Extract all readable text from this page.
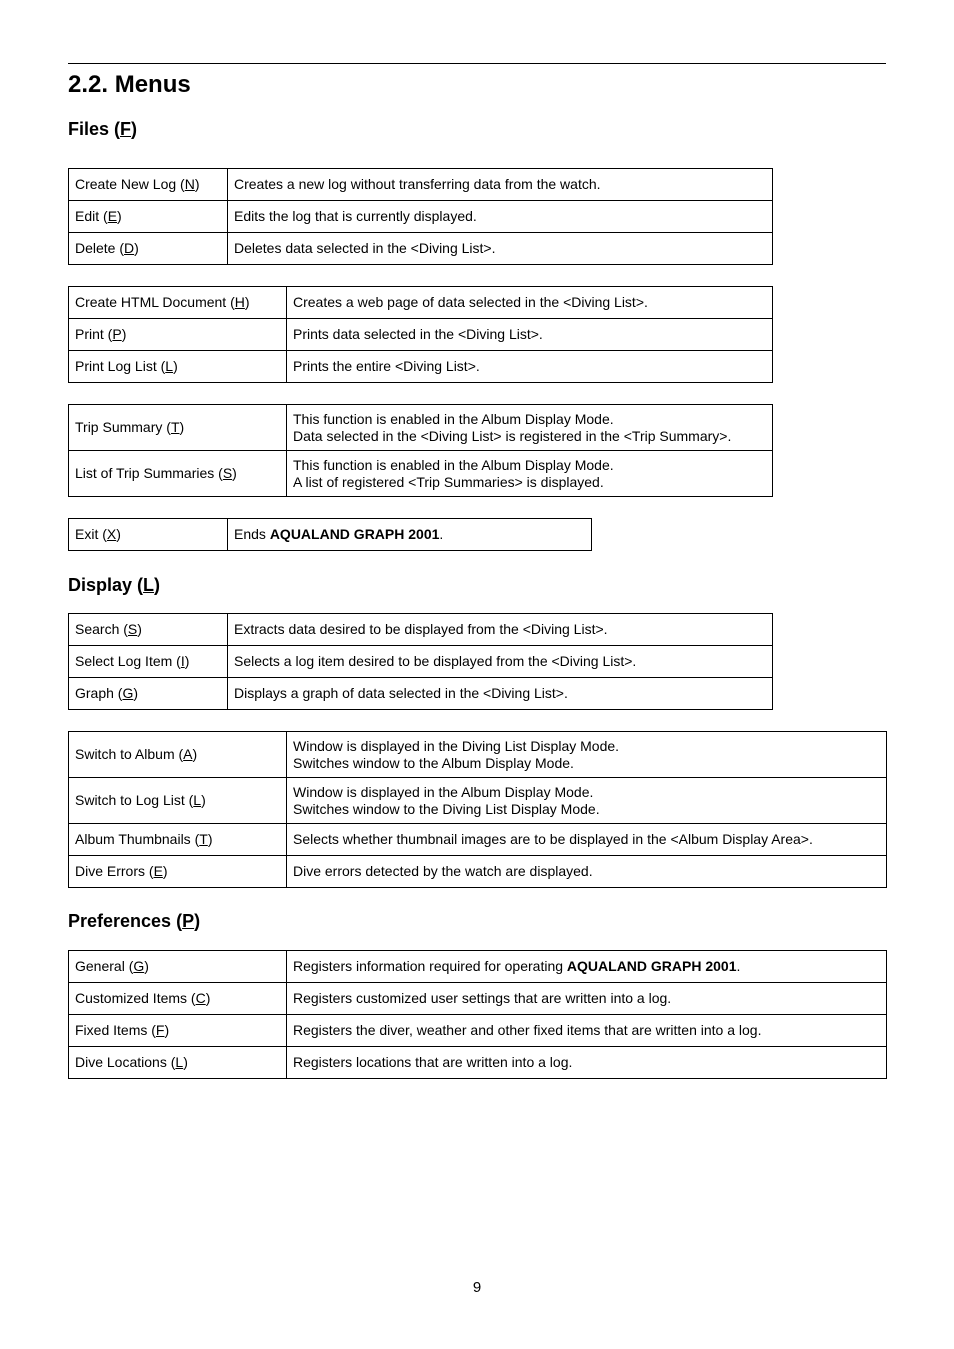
2.2. Menus
Files (F)
Create New Log (N)	Creates a new log without transferring data from the watch.
Edit (E)	Edits the log that is currently displayed.
Delete (D)	Deletes data selected in the <Diving List>.
Create HTML Document (H)	Creates a web page of data selected in the <Diving List>.
Print (P)	Prints data selected in the <Diving List>.
Print Log List (L)	Prints the entire <Diving List>.
Trip Summary (T)	This function is enabled in the Album Display Mode.
Data selected in the <Diving List> is registered in the <Trip Summary>.

List of Trip Summaries (S)	This function is enabled in the Album Display Mode.
A list of registered <Trip Summaries> is displayed.
Exit (X)	Ends AQUALAND GRAPH 2001.
Display (L)
Search (S)	Extracts data desired to be displayed from the <Diving List>.
Select Log Item (I)	Selects a log item desired to be displayed from the <Diving List>.
Graph (G)	Displays a graph of data selected in the <Diving List>.
Switch to Album (A)	Window is displayed in the Diving List Display Mode.
Switches window to the Album Display Mode.

Switch to Log List (L)	Window is displayed in the Album Display Mode.
Switches window to the Diving List Display Mode.

Album Thumbnails (T)	Selects whether thumbnail images are to be displayed in the <Album Display Area>.
Dive Errors (E)	Dive errors detected by the watch are displayed.
Preferences (P)
General (G)	Registers information required for operating AQUALAND GRAPH 2001.
Customized Items (C)	Registers customized user settings that are written into a log.
Fixed Items (F)	Registers the diver, weather and other fixed items that are written into a log.
Dive Locations (L)	Registers locations that are written into a log.
9
